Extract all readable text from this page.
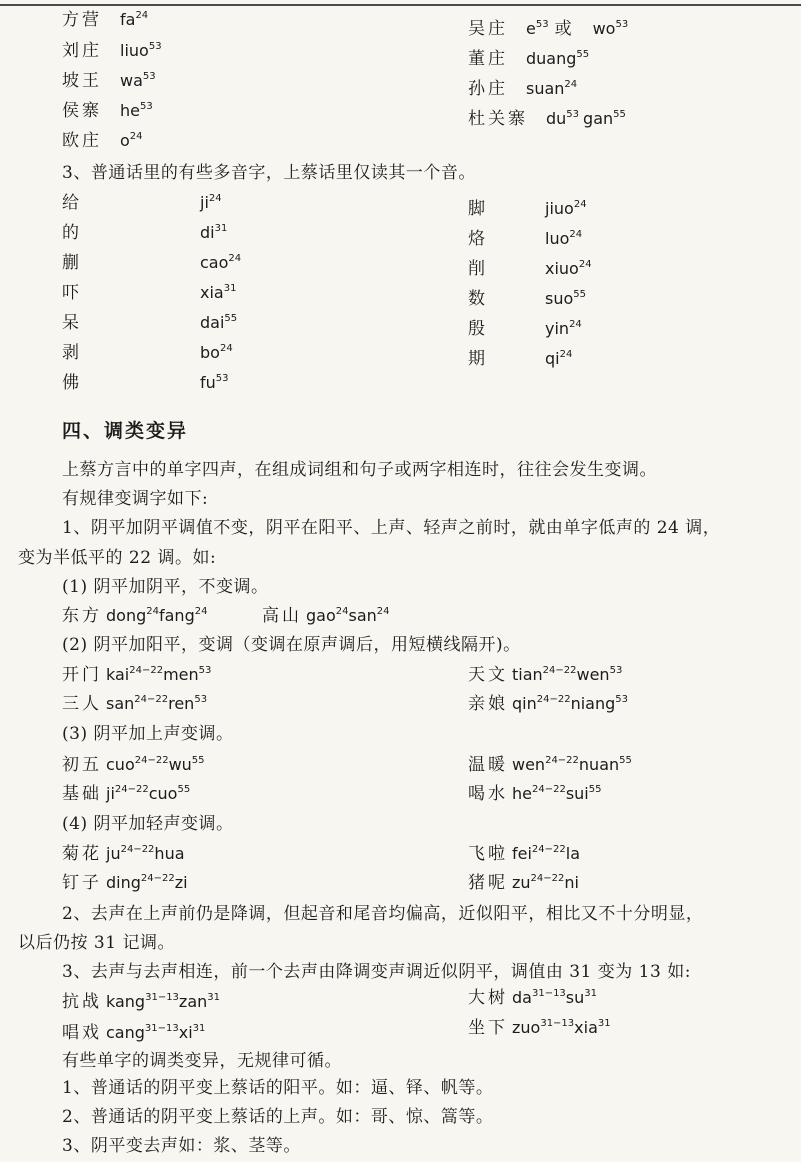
方营 $fa^{24}$
刘庄 liuo$^{53}$
坡王 $wa^{53}$
侯寨 $he^{53}$
欧庄 $o^{24}$
吴庄 $e^{53}$ 或 $wo^{53}$
董庄 duang$^{55}$
孙庄 suan$^{24}$
杜关寨 $du^{53}$ gan$^{55}$
3、普通话里的有些多音字，上蔡话里仅读其一个音。
给	$ji^{24}$
的	$di^{31}$
蒯	cao$^{24}$
吓	xia$^{31}$
呆	dai$^{55}$
剥	$bo^{24}$
佛	$fu^{53}$
脚	jiuo$^{24}$
烙	luo$^{24}$
削	xiuo$^{24}$
数	suo$^{55}$
殷	yin$^{24}$
期	$qi^{24}$
四、调类变异
上蔡方言中的单字四声，在组成词组和句子或两字相连时，往往会发生变调。
有规律变调字如下:
1、阴平加阴平调值不变，阴平在阳平、上声、轻声之前时，就由单字低声的 24 调，
变为半低平的 22 调。如:
(1) 阴平加阴平，不变调。
东方 dong$^{24}$fang$^{24}$	高山 gao$^{24}$san$^{24}$
(2) 阴平加阳平，变调（变调在原声调后，用短横线隔开)。
开门 kai$^{24-22}$men$^{53}$	天文 tian$^{24-22}$wen$^{53}$
三人 san$^{24-22}$ren$^{53}$	亲娘 qin$^{24-22}$niang$^{53}$
(3) 阴平加上声变调。
初五 $cuo^{24-22}wu^{55}$	温暖 wen$^{24-22}$nuan$^{55}$
基础 $ji^{24-22}cuo^{55}$	喝水 $he^{24-22}sui^{55}$
(4) 阴平加轻声变调。
菊花 $ju^{24-22}hua$	飞啦 fei$^{24-22}$la
钉子 ding$^{24-22}$zi	猪呢 $zu^{24-22}ni$
2、去声在上声前仍是降调，但起音和尾音均偏高，近似阳平，相比又不十分明显，
以后仍按 31 记调。
3、去声与去声相连，前一个去声由降调变声调近似阴平，调值由 31 变为 13 如:
抗战 kang$^{31-13}$zan$^{31}$	大树 $da^{31-13}su^{31}$
唱戏 $cang^{31-13}xi^{31}$	坐下 zuo$^{31-13}$xia$^{31}$
有些单字的调类变异，无规律可循。
1、普通话的阴平变上蔡话的阳平。如：逼、铎、帆等。
2、普通话的阴平变上蔡话的上声。如：哥、惊、篙等。
3、阴平变去声如：浆、茎等。
